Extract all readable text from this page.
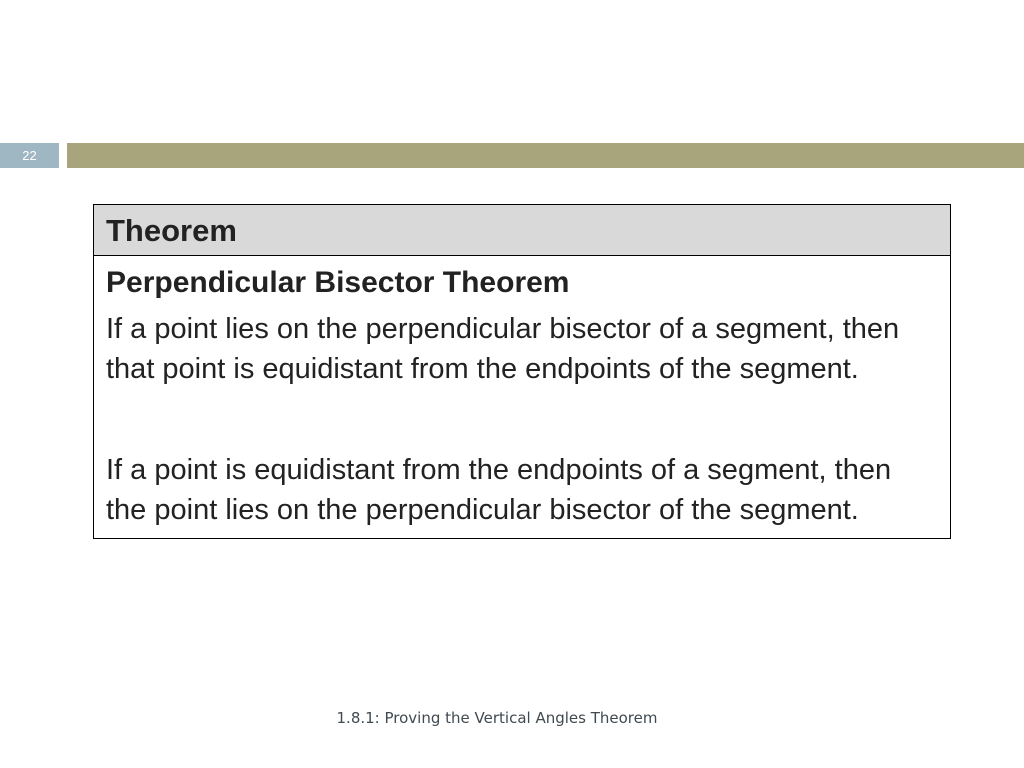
22
Theorem
Perpendicular Bisector Theorem

If a point lies on the perpendicular bisector of a segment, then that point is equidistant from the endpoints of the segment.

If a point is equidistant from the endpoints of a segment, then the point lies on the perpendicular bisector of the segment.

1.8.1: Proving the Vertical Angles Theorem
